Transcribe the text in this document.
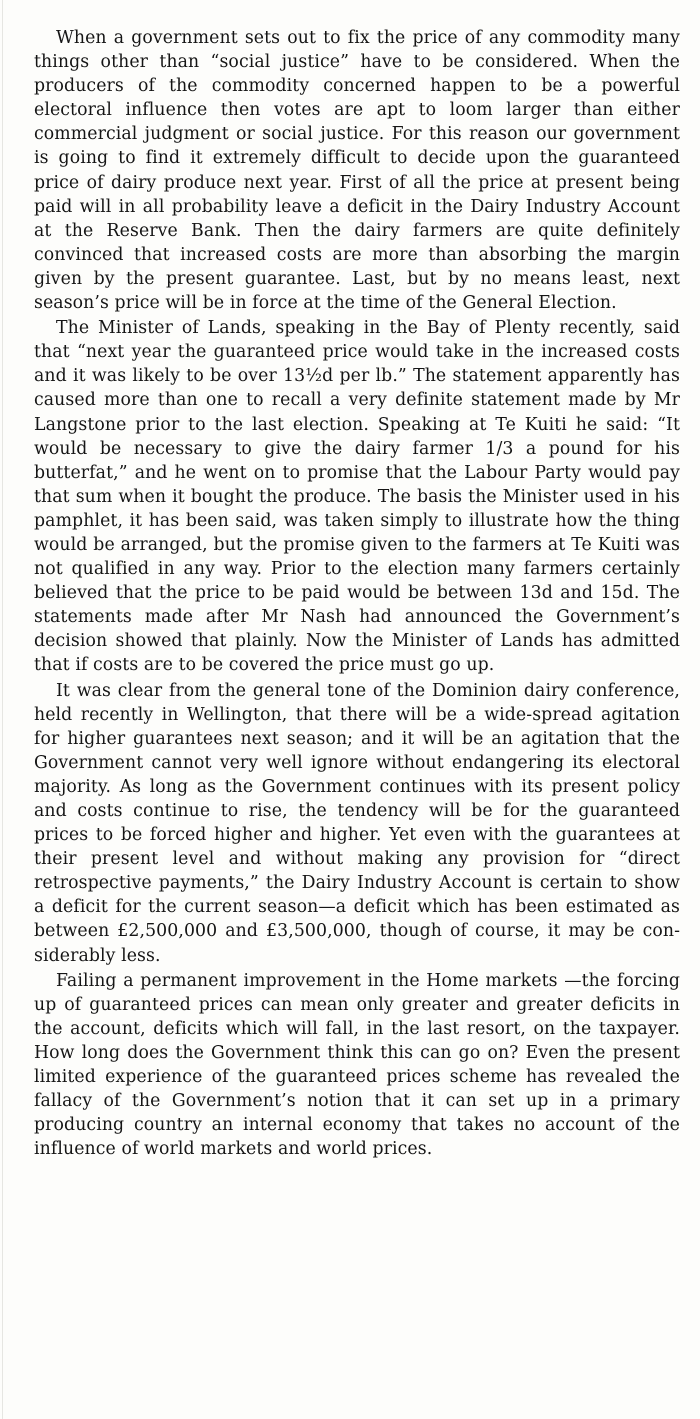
When a government sets out to fix the price of any commodity many things other than “social justice” have to be considered. When the producers of the commodity concerned happen to be a powerful electoral influence then votes are apt to loom larger than either commercial judgment or social justice. For this reason our government is going to find it extremely difficult to decide upon the guaranteed price of dairy produce next year. First of all the price at present being paid will in all probability leave a deficit in the Dairy Industry Account at the Reserve Bank. Then the dairy farmers are quite definitely convinced that increased costs are more than absorbing the margin given by the present guarantee. Last, but by no means least, next season’s price will be in force at the time of the General Election.

The Minister of Lands, speaking in the Bay of Plenty recently, said that “next year the guaranteed price would take in the increased costs and it was likely to be over 13½d per lb.” The statement apparently has caused more than one to recall a very definite statement made by Mr Langstone prior to the last election. Speaking at Te Kuiti he said: “It would be necessary to give the dairy farmer 1/3 a pound for his butterfat,” and he went on to promise that the Labour Party would pay that sum when it bought the produce. The basis the Minister used in his pamphlet, it has been said, was taken simply to illustrate how the thing would be arranged, but the promise given to the farmers at Te Kuiti was not qualified in any way. Prior to the election many farmers certainly believed that the price to be paid would be between 13d and 15d. The statements made after Mr Nash had announced the Government’s decision showed that plainly. Now the Minister of Lands has admitted that if costs are to be covered the price must go up.

It was clear from the general tone of the Dominion dairy conference, held recently in Wellington, that there will be a wide-spread agitation for higher guarantees next season; and it will be an agitation that the Government cannot very well ignore without endangering its electoral majority. As long as the Government continues with its present policy and costs continue to rise, the tendency will be for the guaranteed prices to be forced higher and higher. Yet even with the guarantees at their present level and without making any provision for “direct retrospective payments,” the Dairy Industry Account is certain to show a deficit for the current season—a deficit which has been estimated as between £2,500,000 and £3,500,000, though of course, it may be considerably less.

Failing a permanent improvement in the Home markets —the forcing up of guaranteed prices can mean only greater and greater deficits in the account, deficits which will fall, in the last resort, on the taxpayer. How long does the Government think this can go on? Even the present limited experience of the guaranteed prices scheme has revealed the fallacy of the Government’s notion that it can set up in a primary producing country an internal economy that takes no account of the influence of world markets and world prices.
